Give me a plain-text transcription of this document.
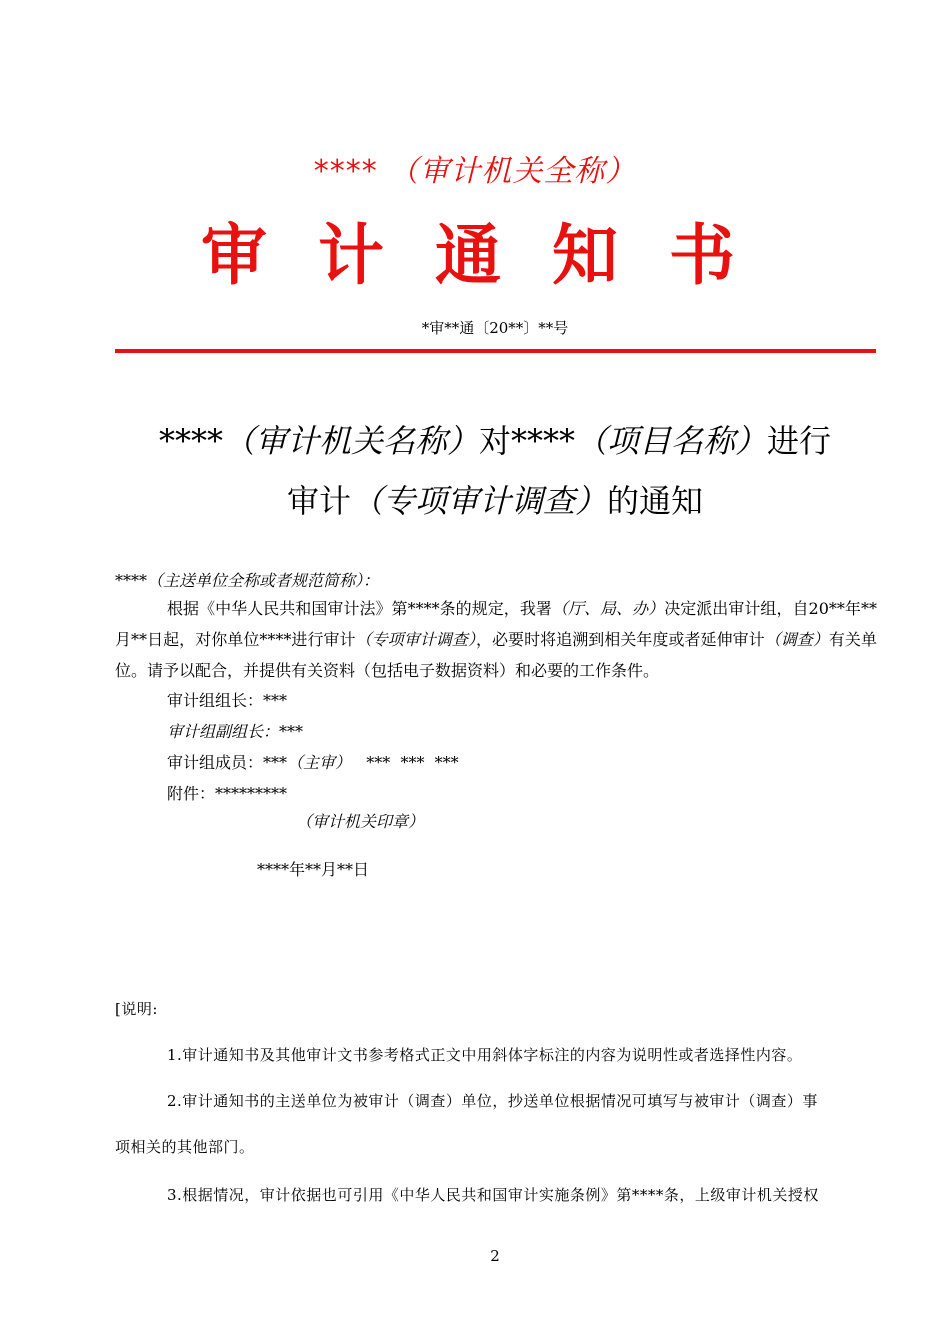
**** （审计机关全称）
审 计 通 知 书
*审**通〔20**〕**号
****（审计机关名称）对****（项目名称）进行
审计（专项审计调查）的通知
****（主送单位全称或者规范简称）：
根据《中华人民共和国审计法》第****条的规定，我署（厅、局、办）决定派出审计组，自20**年**月**日起，对你单位****进行审计（专项审计调查），必要时将追溯到相关年度或者延伸审计（调查）有关单位。请予以配合，并提供有关资料（包括电子数据资料）和必要的工作条件。
审计组组长：***
审计组副组长：***
审计组成员：***（主审）   ***  ***  ***
附件：*********
（审计机关印章）
****年**月**日
[说明:
1.审计通知书及其他审计文书参考格式正文中用斜体字标注的内容为说明性或者选择性内容。
2.审计通知书的主送单位为被审计（调查）单位，抄送单位根据情况可填写与被审计（调查）事
项相关的其他部门。
3.根据情况，审计依据也可引用《中华人民共和国审计实施条例》第****条，上级审计机关授权
2
